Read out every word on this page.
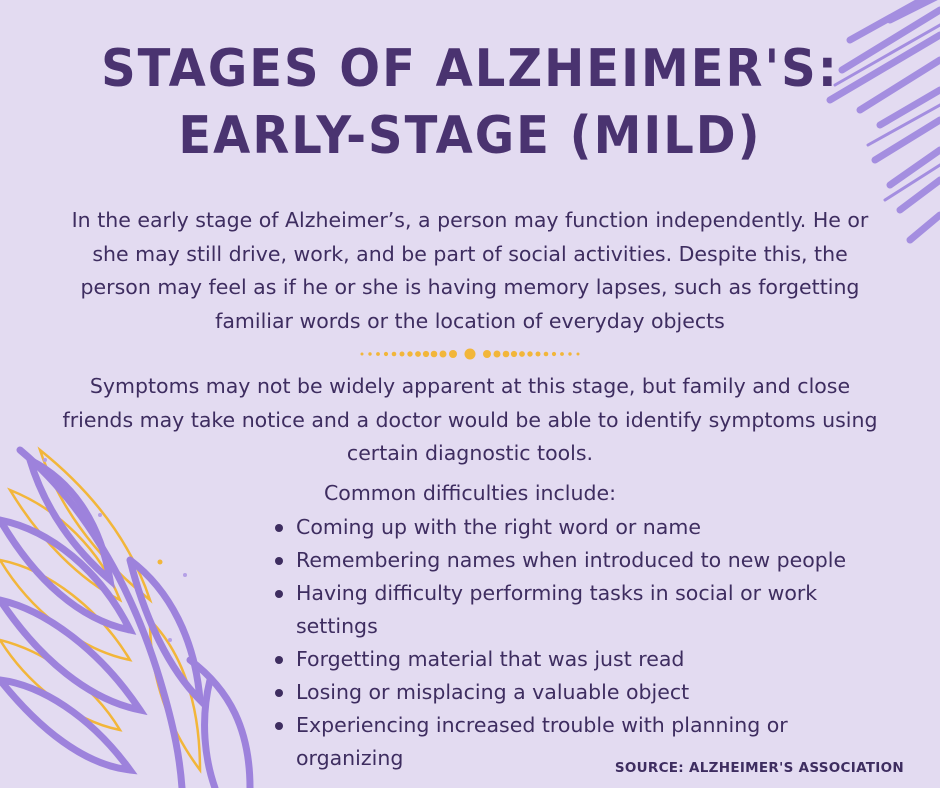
STAGES OF ALZHEIMER'S:
EARLY-STAGE (MILD)

In the early stage of Alzheimer’s, a person may function independently. He or she may still drive, work, and be part of social activities. Despite this, the person may feel as if he or she is having memory lapses, such as forgetting familiar words or the location of everyday objects

Symptoms may not be widely apparent at this stage, but family and close friends may take notice and a doctor would be able to identify symptoms using certain diagnostic tools.

Common difficulties include:

Coming up with the right word or name
Remembering names when introduced to new people
Having difficulty performing tasks in social or work settings
Forgetting material that was just read
Losing or misplacing a valuable object
Experiencing increased trouble with planning or organizing	SOURCE: ALZHEIMER'S ASSOCIATION
